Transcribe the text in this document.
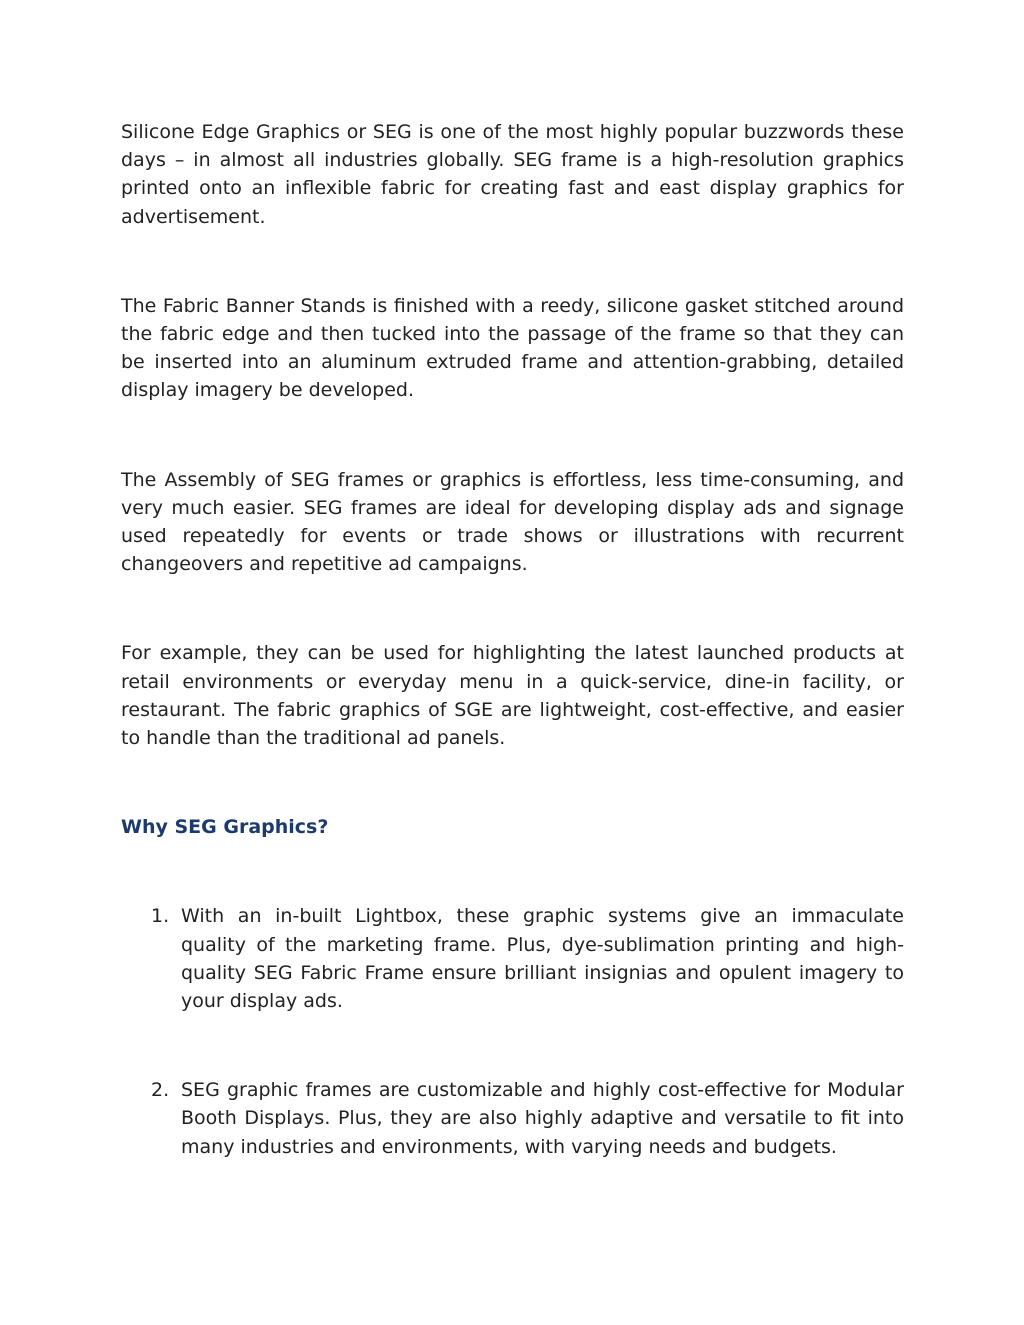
Silicone Edge Graphics or SEG is one of the most highly popular buzzwords these days – in almost all industries globally. SEG frame is a high-resolution graphics printed onto an inflexible fabric for creating fast and east display graphics for advertisement.

The Fabric Banner Stands is finished with a reedy, silicone gasket stitched around the fabric edge and then tucked into the passage of the frame so that they can be inserted into an aluminum extruded frame and attention-grabbing, detailed display imagery be developed.

The Assembly of SEG frames or graphics is effortless, less time-consuming, and very much easier. SEG frames are ideal for developing display ads and signage used repeatedly for events or trade shows or illustrations with recurrent changeovers and repetitive ad campaigns.

For example, they can be used for highlighting the latest launched products at retail environments or everyday menu in a quick-service, dine-in facility, or restaurant. The fabric graphics of SGE are lightweight, cost-effective, and easier to handle than the traditional ad panels.

Why SEG Graphics?
1. With an in-built Lightbox, these graphic systems give an immaculate quality of the marketing frame. Plus, dye-sublimation printing and high-quality SEG Fabric Frame ensure brilliant insignias and opulent imagery to your display ads.
2. SEG graphic frames are customizable and highly cost-effective for Modular Booth Displays. Plus, they are also highly adaptive and versatile to fit into many industries and environments, with varying needs and budgets.
